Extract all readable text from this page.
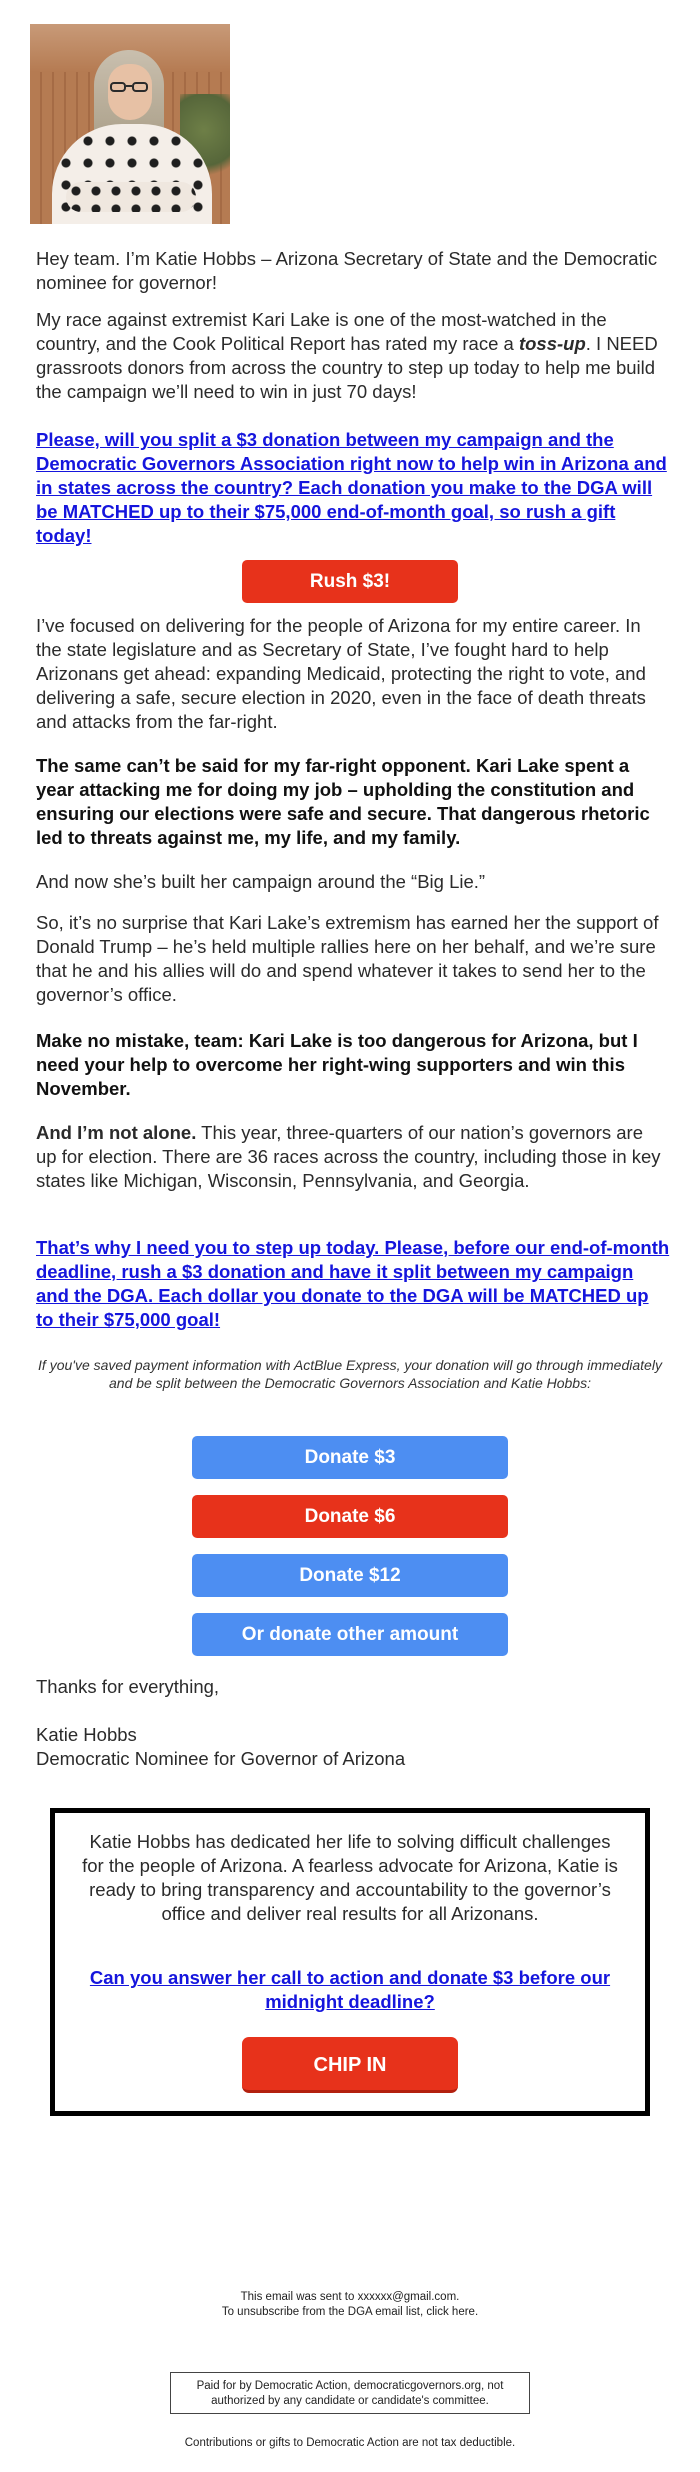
Hey team. I’m Katie Hobbs – Arizona Secretary of State and the Democratic nominee for governor!

My race against extremist Kari Lake is one of the most-watched in the country, and the Cook Political Report has rated my race a toss-up. I NEED grassroots donors from across the country to step up today to help me build the campaign we’ll need to win in just 70 days!

Please, will you split a $3 donation between my campaign and the Democratic Governors Association right now to help win in Arizona and in states across the country? Each donation you make to the DGA will be MATCHED up to their $75,000 end-of-month goal, so rush a gift today!
Rush $3!

I’ve focused on delivering for the people of Arizona for my entire career. In the state legislature and as Secretary of State, I’ve fought hard to help Arizonans get ahead: expanding Medicaid, protecting the right to vote, and delivering a safe, secure election in 2020, even in the face of death threats and attacks from the far-right.

The same can’t be said for my far-right opponent. Kari Lake spent a year attacking me for doing my job – upholding the constitution and ensuring our elections were safe and secure. That dangerous rhetoric led to threats against me, my life, and my family.

And now she’s built her campaign around the “Big Lie.”

So, it’s no surprise that Kari Lake’s extremism has earned her the support of Donald Trump – he’s held multiple rallies here on her behalf, and we’re sure that he and his allies will do and spend whatever it takes to send her to the governor’s office.

Make no mistake, team: Kari Lake is too dangerous for Arizona, but I need your help to overcome her right-wing supporters and win this November.

And I’m not alone. This year, three-quarters of our nation’s governors are up for election. There are 36 races across the country, including those in key states like Michigan, Wisconsin, Pennsylvania, and Georgia.

That’s why I need you to step up today. Please, before our end-of-month deadline, rush a $3 donation and have it split between my campaign and the DGA. Each dollar you donate to the DGA will be MATCHED up to their $75,000 goal!

If you've saved payment information with ActBlue Express, your donation will go through immediately and be split between the Democratic Governors Association and Katie Hobbs:

Donate $3
Donate $6
Donate $12
Or donate other amount

Thanks for everything,

Katie Hobbs

Democratic Nominee for Governor of Arizona

Katie Hobbs has dedicated her life to solving difficult challenges for the people of Arizona. A fearless advocate for Arizona, Katie is ready to bring transparency and accountability to the governor’s office and deliver real results for all Arizonans.

Can you answer her call to action and donate $3 before our midnight deadline?
CHIP IN

This email was sent to xxxxxx@gmail.com.

To unsubscribe from the DGA email list, click here.

Paid for by Democratic Action, democraticgovernors.org, not authorized by any candidate or candidate's committee.

Contributions or gifts to Democratic Action are not tax deductible.
